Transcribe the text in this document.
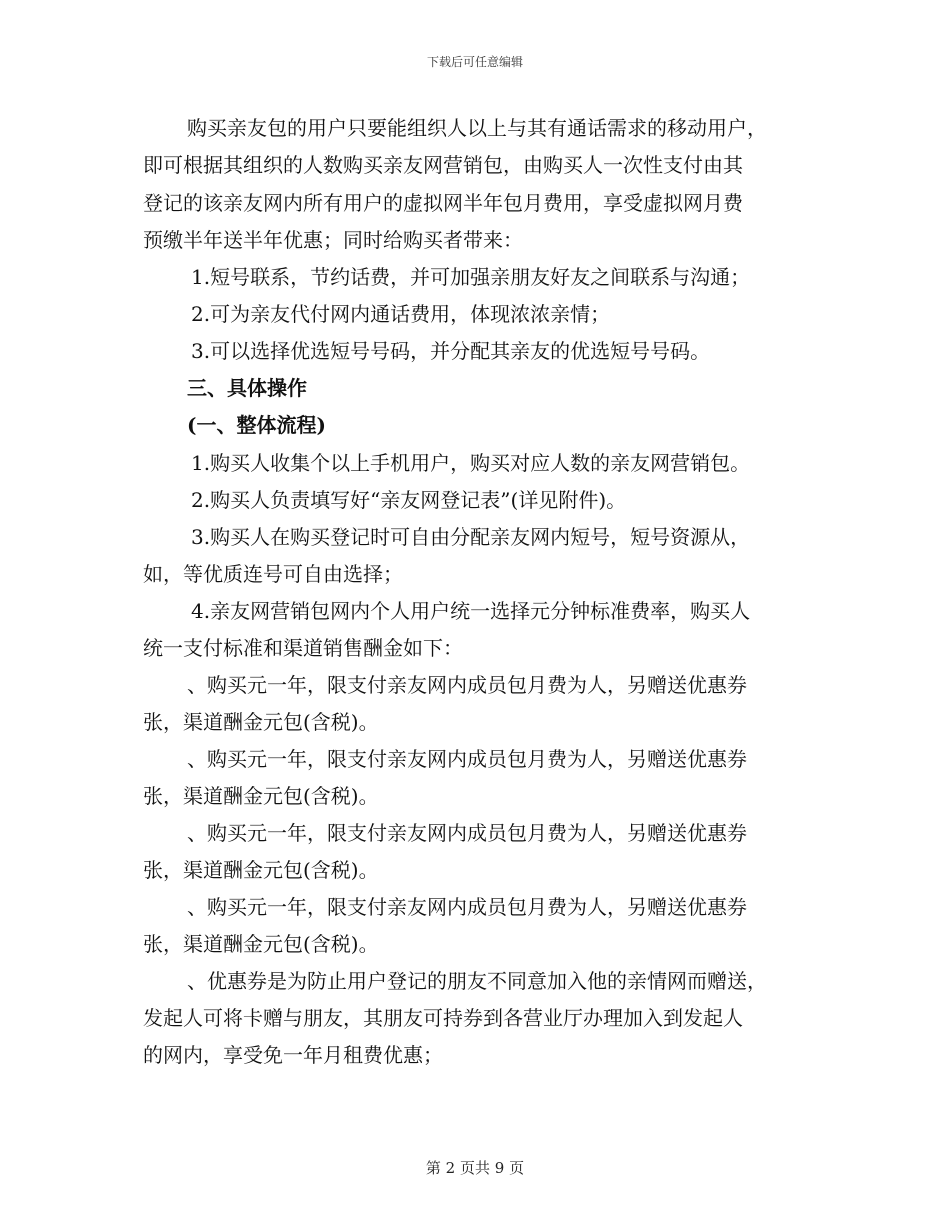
下载后可任意编辑
购买亲友包的用户只要能组织人以上与其有通话需求的移动用户，
即可根据其组织的人数购买亲友网营销包，由购买人一次性支付由其
登记的该亲友网内所有用户的虚拟网半年包月费用，享受虚拟网月费
预缴半年送半年优惠；同时给购买者带来：
1.短号联系，节约话费，并可加强亲朋友好友之间联系与沟通；
2.可为亲友代付网内通话费用，体现浓浓亲情；
3.可以选择优选短号号码，并分配其亲友的优选短号号码。
三、具体操作
(一、整体流程)
1.购买人收集个以上手机用户，购买对应人数的亲友网营销包。
2.购买人负责填写好“亲友网登记表”(详见附件)。
3.购买人在购买登记时可自由分配亲友网内短号，短号资源从，
如，等优质连号可自由选择；
4.亲友网营销包网内个人用户统一选择元分钟标准费率，购买人
统一支付标准和渠道销售酬金如下：
、购买元一年，限支付亲友网内成员包月费为人，另赠送优惠券
张，渠道酬金元包(含税)。
、购买元一年，限支付亲友网内成员包月费为人，另赠送优惠券
张，渠道酬金元包(含税)。
、购买元一年，限支付亲友网内成员包月费为人，另赠送优惠券
张，渠道酬金元包(含税)。
、购买元一年，限支付亲友网内成员包月费为人，另赠送优惠券
张，渠道酬金元包(含税)。
、优惠券是为防止用户登记的朋友不同意加入他的亲情网而赠送，
发起人可将卡赠与朋友，其朋友可持券到各营业厅办理加入到发起人
的网内，享受免一年月租费优惠；
第 2 页共 9 页
